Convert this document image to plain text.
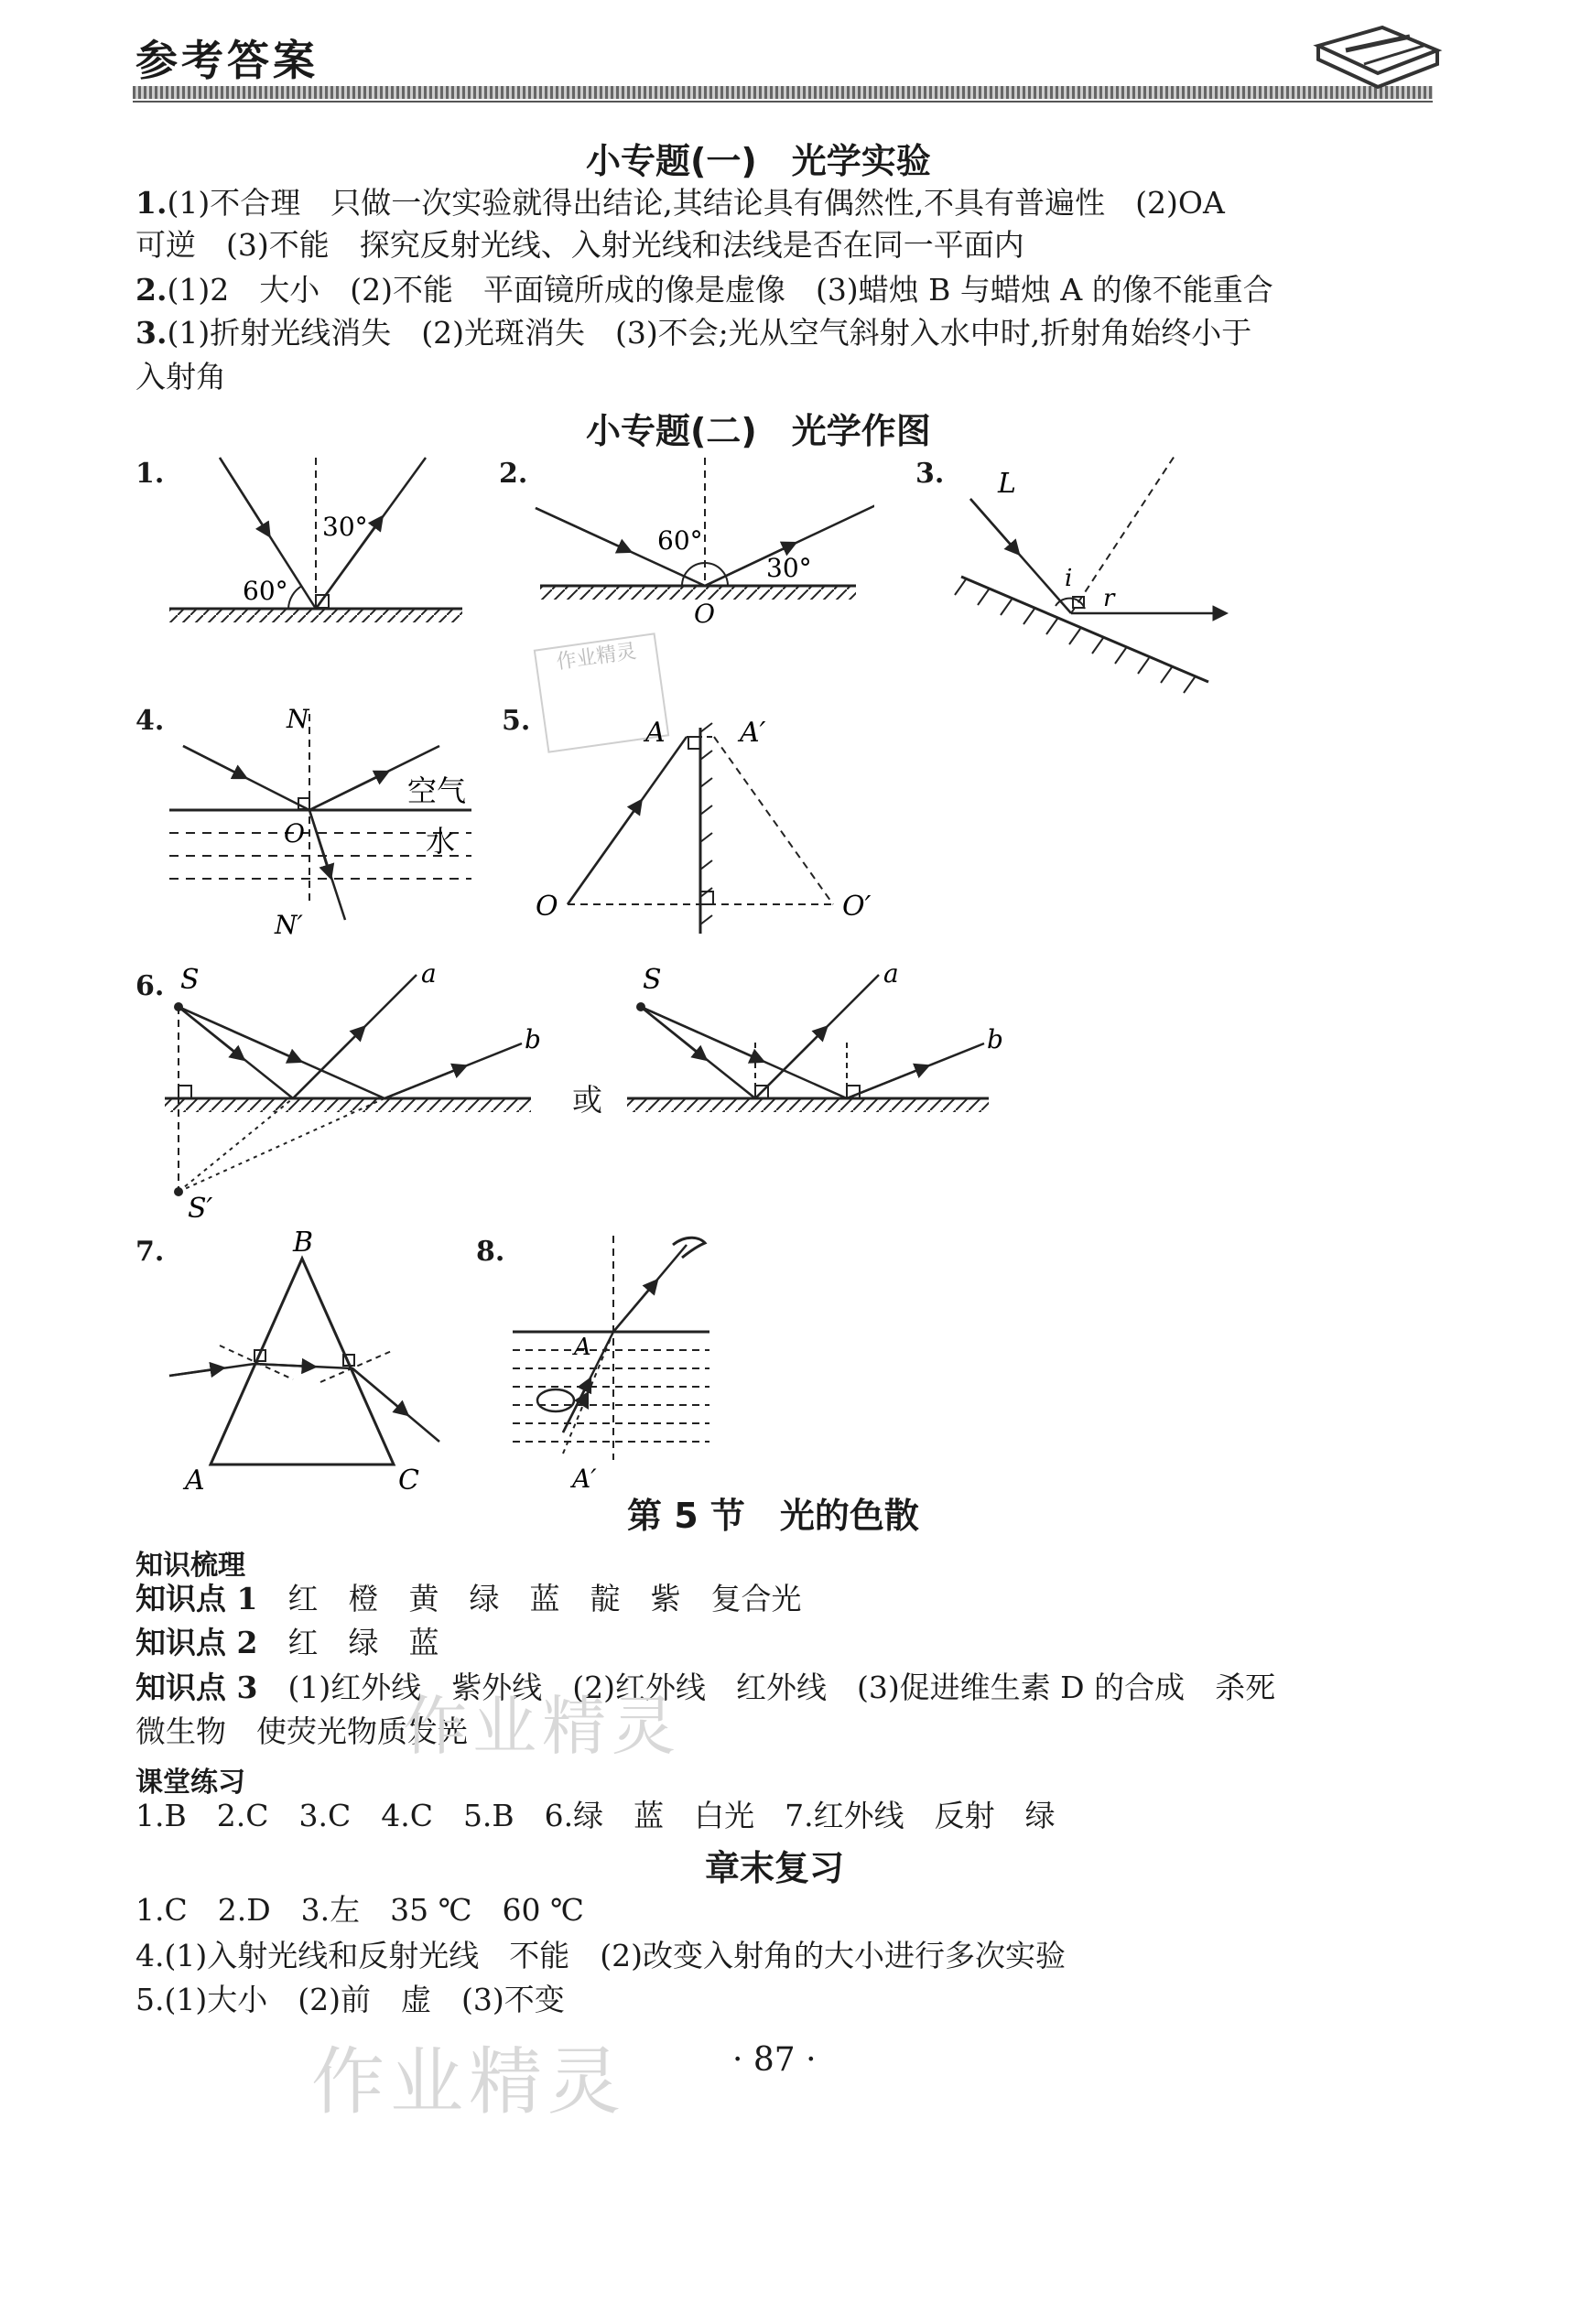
参考答案
小专题(一)　光学实验
1.(1)不合理　只做一次实验就得出结论,其结论具有偶然性,不具有普遍性　(2)OA
可逆　(3)不能　探究反射光线、入射光线和法线是否在同一平面内
2.(1)2　大小　(2)不能　平面镜所成的像是虚像　(3)蜡烛 B 与蜡烛 A 的像不能重合
3.(1)折射光线消失　(2)光斑消失　(3)不会;光从空气斜射入水中时,折射角始终小于
入射角
小专题(二)　光学作图
1.	2.	3.
4.	5.
6.
7.	8.
60°
30°	60°
30°
O
L
i
r
作业精灵
N
N′
O
空气
水
A	A′
O	O′
S
S′
a
b
或
S	a
b
B
A	C
A
A′
第 5 节　光的色散
知识梳理
知识点 1　 红　橙　黄　绿　蓝　靛　紫　复合光
知识点 2　 红　绿　蓝
知识点 3　 (1)红外线　紫外线　(2)红外线　红外线　(3)促进维生素 D 的合成　杀死
微生物　使荧光物质发光
课堂练习
1.B　2.C　3.C　4.C　5.B　6.绿　蓝　白光　7.红外线　反射　绿
章末复习
1.C　2.D　3.左　35 ℃　60 ℃
4.(1)入射光线和反射光线　不能　(2)改变入射角的大小进行多次实验
5.(1)大小　(2)前　虚　(3)不变
作业精灵
作业精灵	· 87 ·
